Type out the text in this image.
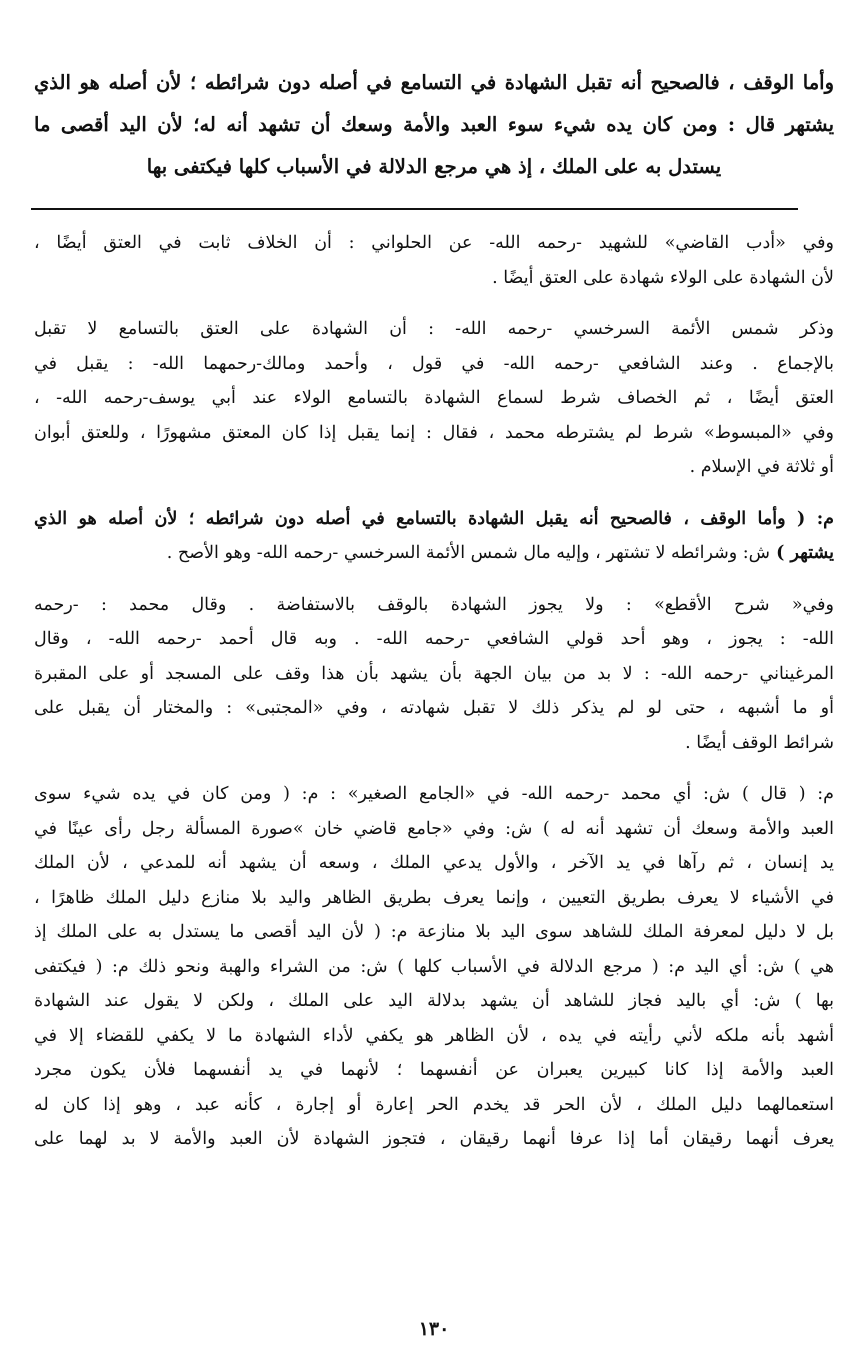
وأما الوقف ، فالصحيح أنه تقبل الشهادة في التسامع في أصله دون شرائطه ؛ لأن أصله هو الذي
يشتهر قال : ومن كان يده شيء سوء العبد والأمة وسعك أن تشهد أنه له؛ لأن اليد أقصى ما
يستدل به على الملك ، إذ هي مرجع الدلالة في الأسباب كلها فيكتفى بها
وفي «أدب القاضي» للشهيد -رحمه الله- عن الحلواني : أن الخلاف ثابت في العتق أيضًا ،
لأن الشهادة على الولاء شهادة على العتق أيضًا .
وذكر شمس الأئمة السرخسي -رحمه الله- : أن الشهادة على العتق بالتسامع لا تقبل
بالإجماع . وعند الشافعي -رحمه الله- في قول ، وأحمد ومالك-رحمهما الله- : يقبل في
العتق أيضًا ، ثم الخصاف شرط لسماع الشهادة بالتسامع الولاء عند أبي يوسف-رحمه الله- ،
وفي «المبسوط» شرط لم يشترطه محمد ، فقال : إنما يقبل إذا كان المعتق مشهورًا ، وللعتق أبوان
أو ثلاثة في الإسلام .
م: ( وأما الوقف ، فالصحيح أنه يقبل الشهادة بالتسامع في أصله دون شرائطه ؛ لأن أصله هو الذي
يشتهر ) ش: وشرائطه لا تشتهر ، وإليه مال شمس الأئمة السرخسي -رحمه الله- وهو الأصح .
وفي« شرح الأقطع» : ولا يجوز الشهادة بالوقف بالاستفاضة . وقال محمد : -رحمه
الله- : يجوز ، وهو أحد قولي الشافعي -رحمه الله- . وبه قال أحمد -رحمه الله- ، وقال
المرغيناني -رحمه الله- : لا بد من بيان الجهة بأن يشهد بأن هذا وقف على المسجد أو على المقبرة
أو ما أشبهه ، حتى لو لم يذكر ذلك لا تقبل شهادته ، وفي «المجتبى» : والمختار أن يقبل على
شرائط الوقف أيضًا .
م: ( قال ) ش: أي محمد -رحمه الله- في «الجامع الصغير» : م: ( ومن كان في يده شيء سوى
العبد والأمة وسعك أن تشهد أنه له ) ش: وفي «جامع قاضي خان »صورة المسألة رجل رأى عينًا في
يد إنسان ، ثم رآها في يد الآخر ، والأول يدعي الملك ، وسعه أن يشهد أنه للمدعي ، لأن الملك
في الأشياء لا يعرف بطريق التعيين ، وإنما يعرف بطريق الظاهر واليد بلا منازع دليل الملك ظاهرًا ،
بل لا دليل لمعرفة الملك للشاهد سوى اليد بلا منازعة م: ( لأن اليد أقصى ما يستدل به على الملك إذ
هي ) ش: أي اليد م: ( مرجع الدلالة في الأسباب كلها ) ش: من الشراء والهبة ونحو ذلك م: ( فيكتفى
بها ) ش: أي باليد فجاز للشاهد أن يشهد بدلالة اليد على الملك ، ولكن لا يقول عند الشهادة
أشهد بأنه ملكه لأني رأيته في يده ، لأن الظاهر هو يكفي لأداء الشهادة ما لا يكفي للقضاء إلا في
العبد والأمة إذا كانا كبيرين يعبران عن أنفسهما ؛ لأنهما في يد أنفسهما فلأن يكون مجرد
استعمالهما دليل الملك ، لأن الحر قد يخدم الحر إعارة أو إجارة ، كأنه عبد ، وهو إذا كان له
يعرف أنهما رقيقان أما إذا عرفا أنهما رقيقان ، فتجوز الشهادة لأن العبد والأمة لا بد لهما على
١٣٠
